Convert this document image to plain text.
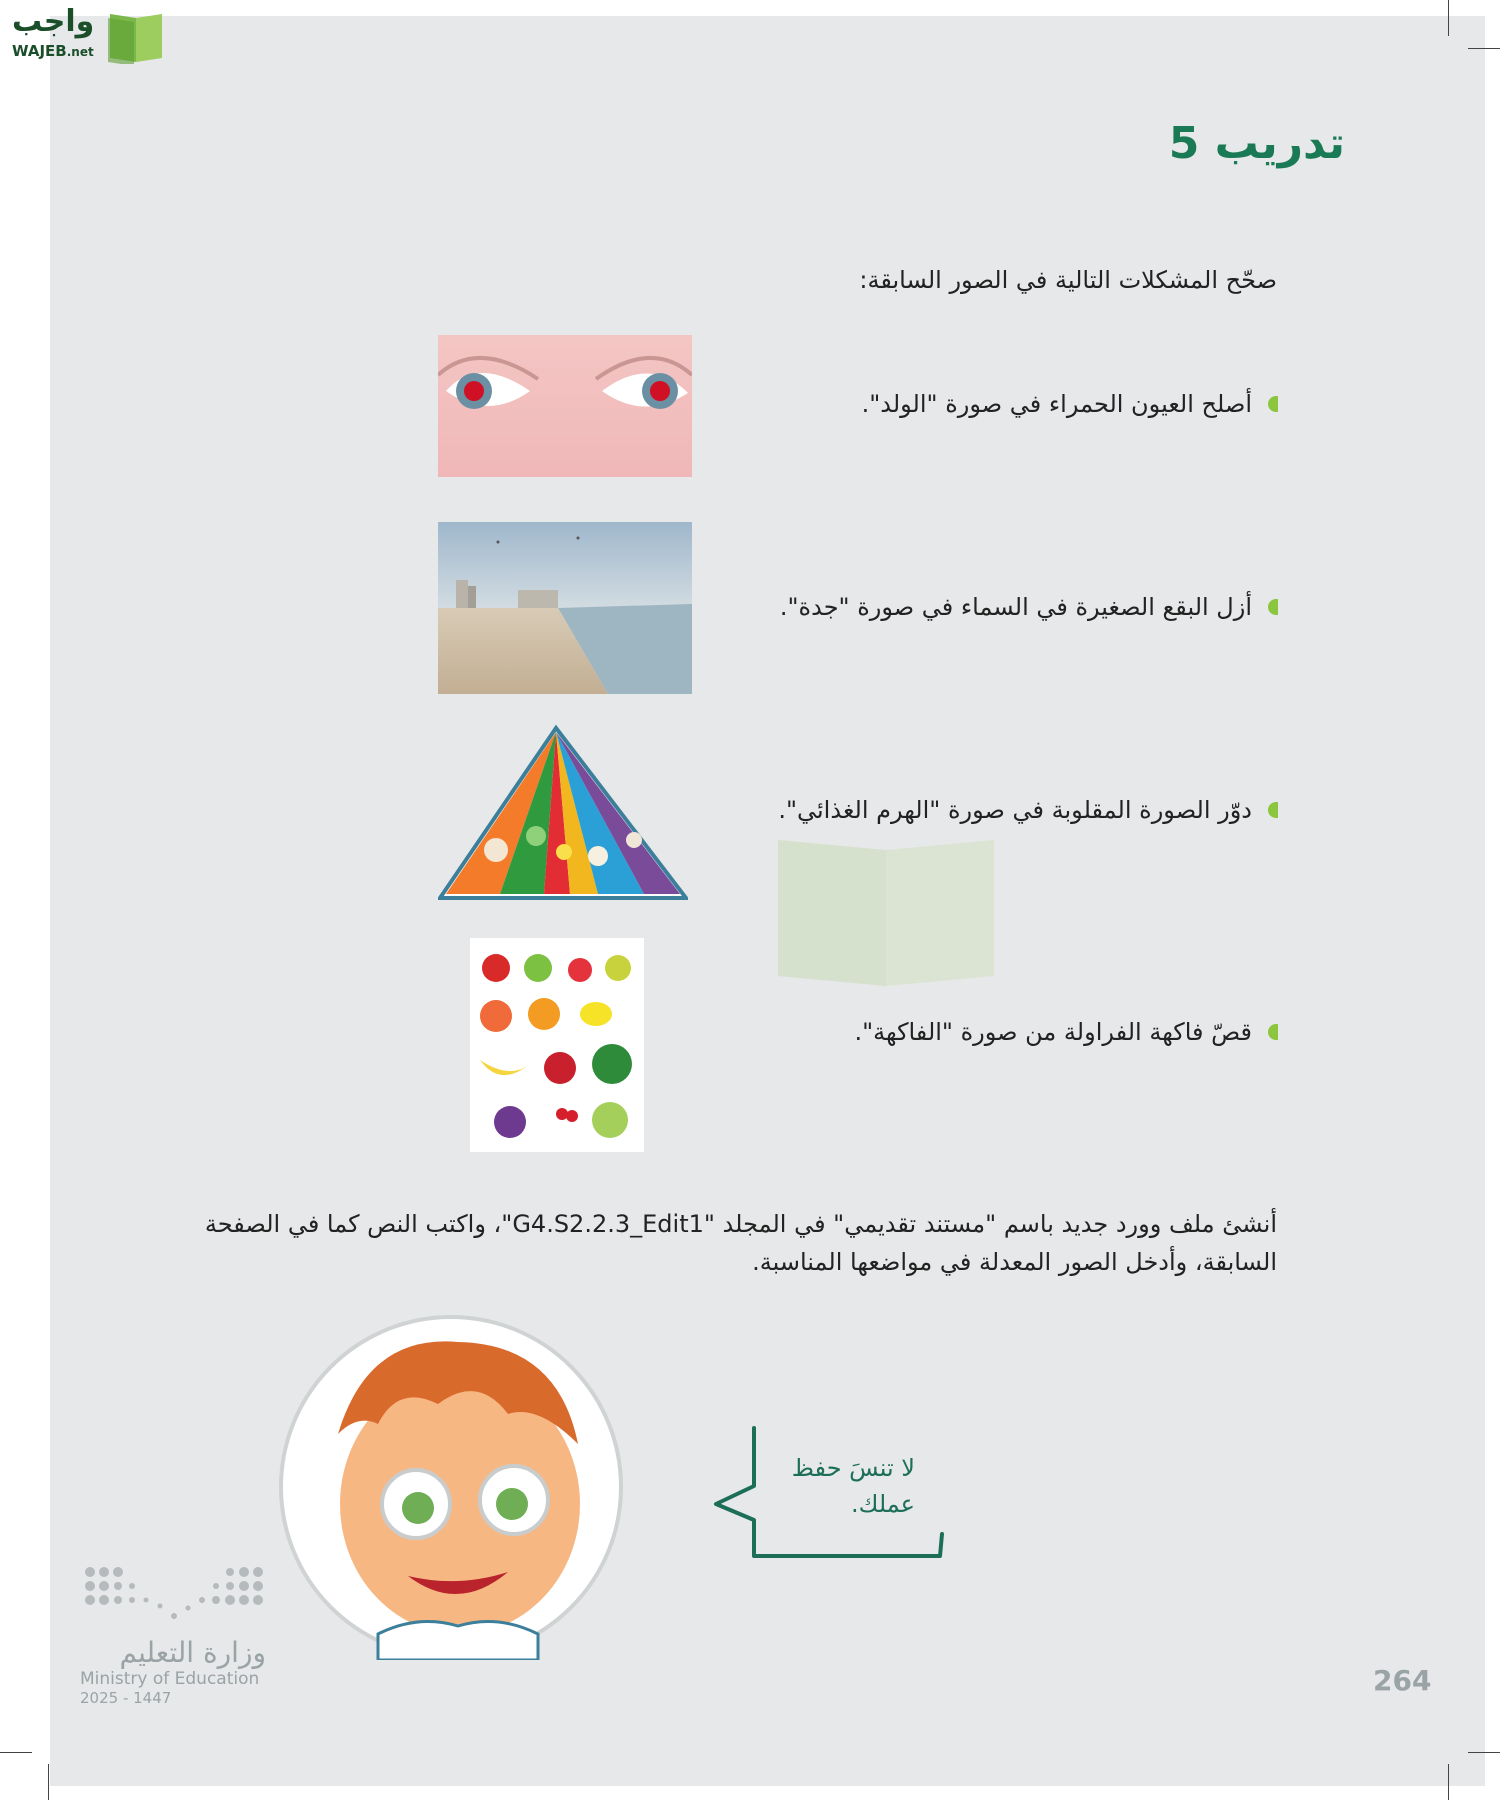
واجب
WAJEB.net
تدريب 5
صحّح المشكلات التالية في الصور السابقة:
أصلح العيون الحمراء في صورة "الولد".
أزل البقع الصغيرة في السماء في صورة "جدة".
دوّر الصورة المقلوبة في صورة "الهرم الغذائي".
قصّ فاكهة الفراولة من صورة "الفاكهة".
أنشئ ملف وورد جديد باسم "مستند تقديمي" في المجلد "G4.S2.2.3_Edit1"، واكتب النص كما في الصفحة السابقة، وأدخل الصور المعدلة في مواضعها المناسبة.
لا تنسَ حفظ
عملك.
وزارة التعليم
Ministry of Education
2025 - 1447
264
